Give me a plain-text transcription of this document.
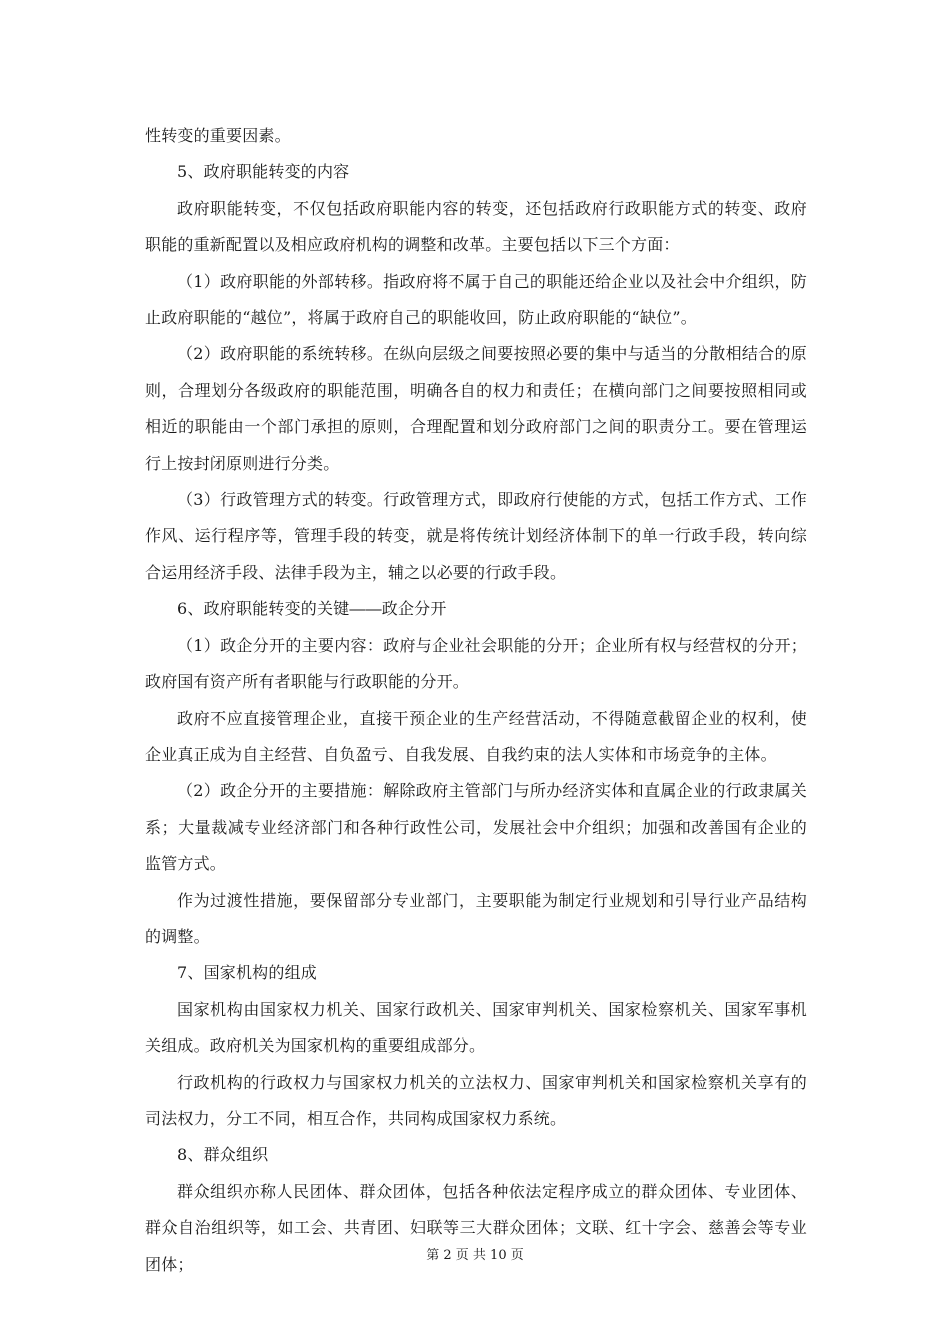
性转变的重要因素。

5、政府职能转变的内容

政府职能转变，不仅包括政府职能内容的转变，还包括政府行政职能方式的转变、政府职能的重新配置以及相应政府机构的调整和改革。主要包括以下三个方面：

（1）政府职能的外部转移。指政府将不属于自己的职能还给企业以及社会中介组织，防止政府职能的“越位”，将属于政府自己的职能收回，防止政府职能的“缺位”。

（2）政府职能的系统转移。在纵向层级之间要按照必要的集中与适当的分散相结合的原则，合理划分各级政府的职能范围，明确各自的权力和责任；在横向部门之间要按照相同或相近的职能由一个部门承担的原则，合理配置和划分政府部门之间的职责分工。要在管理运行上按封闭原则进行分类。

（3）行政管理方式的转变。行政管理方式，即政府行使能的方式，包括工作方式、工作作风、运行程序等，管理手段的转变，就是将传统计划经济体制下的单一行政手段，转向综合运用经济手段、法律手段为主，辅之以必要的行政手段。

6、政府职能转变的关键――政企分开

（1）政企分开的主要内容：政府与企业社会职能的分开；企业所有权与经营权的分开；政府国有资产所有者职能与行政职能的分开。

政府不应直接管理企业，直接干预企业的生产经营活动，不得随意截留企业的权利，使企业真正成为自主经营、自负盈亏、自我发展、自我约束的法人实体和市场竞争的主体。

（2）政企分开的主要措施：解除政府主管部门与所办经济实体和直属企业的行政隶属关系；大量裁减专业经济部门和各种行政性公司，发展社会中介组织；加强和改善国有企业的监管方式。

作为过渡性措施，要保留部分专业部门，主要职能为制定行业规划和引导行业产品结构的调整。

7、国家机构的组成

国家机构由国家权力机关、国家行政机关、国家审判机关、国家检察机关、国家军事机关组成。政府机关为国家机构的重要组成部分。

行政机构的行政权力与国家权力机关的立法权力、国家审判机关和国家检察机关享有的司法权力，分工不同，相互合作，共同构成国家权力系统。

8、群众组织

群众组织亦称人民团体、群众团体，包括各种依法定程序成立的群众团体、专业团体、群众自治组织等，如工会、共青团、妇联等三大群众团体；文联、红十字会、慈善会等专业团体；	第 2 页 共 10 页
